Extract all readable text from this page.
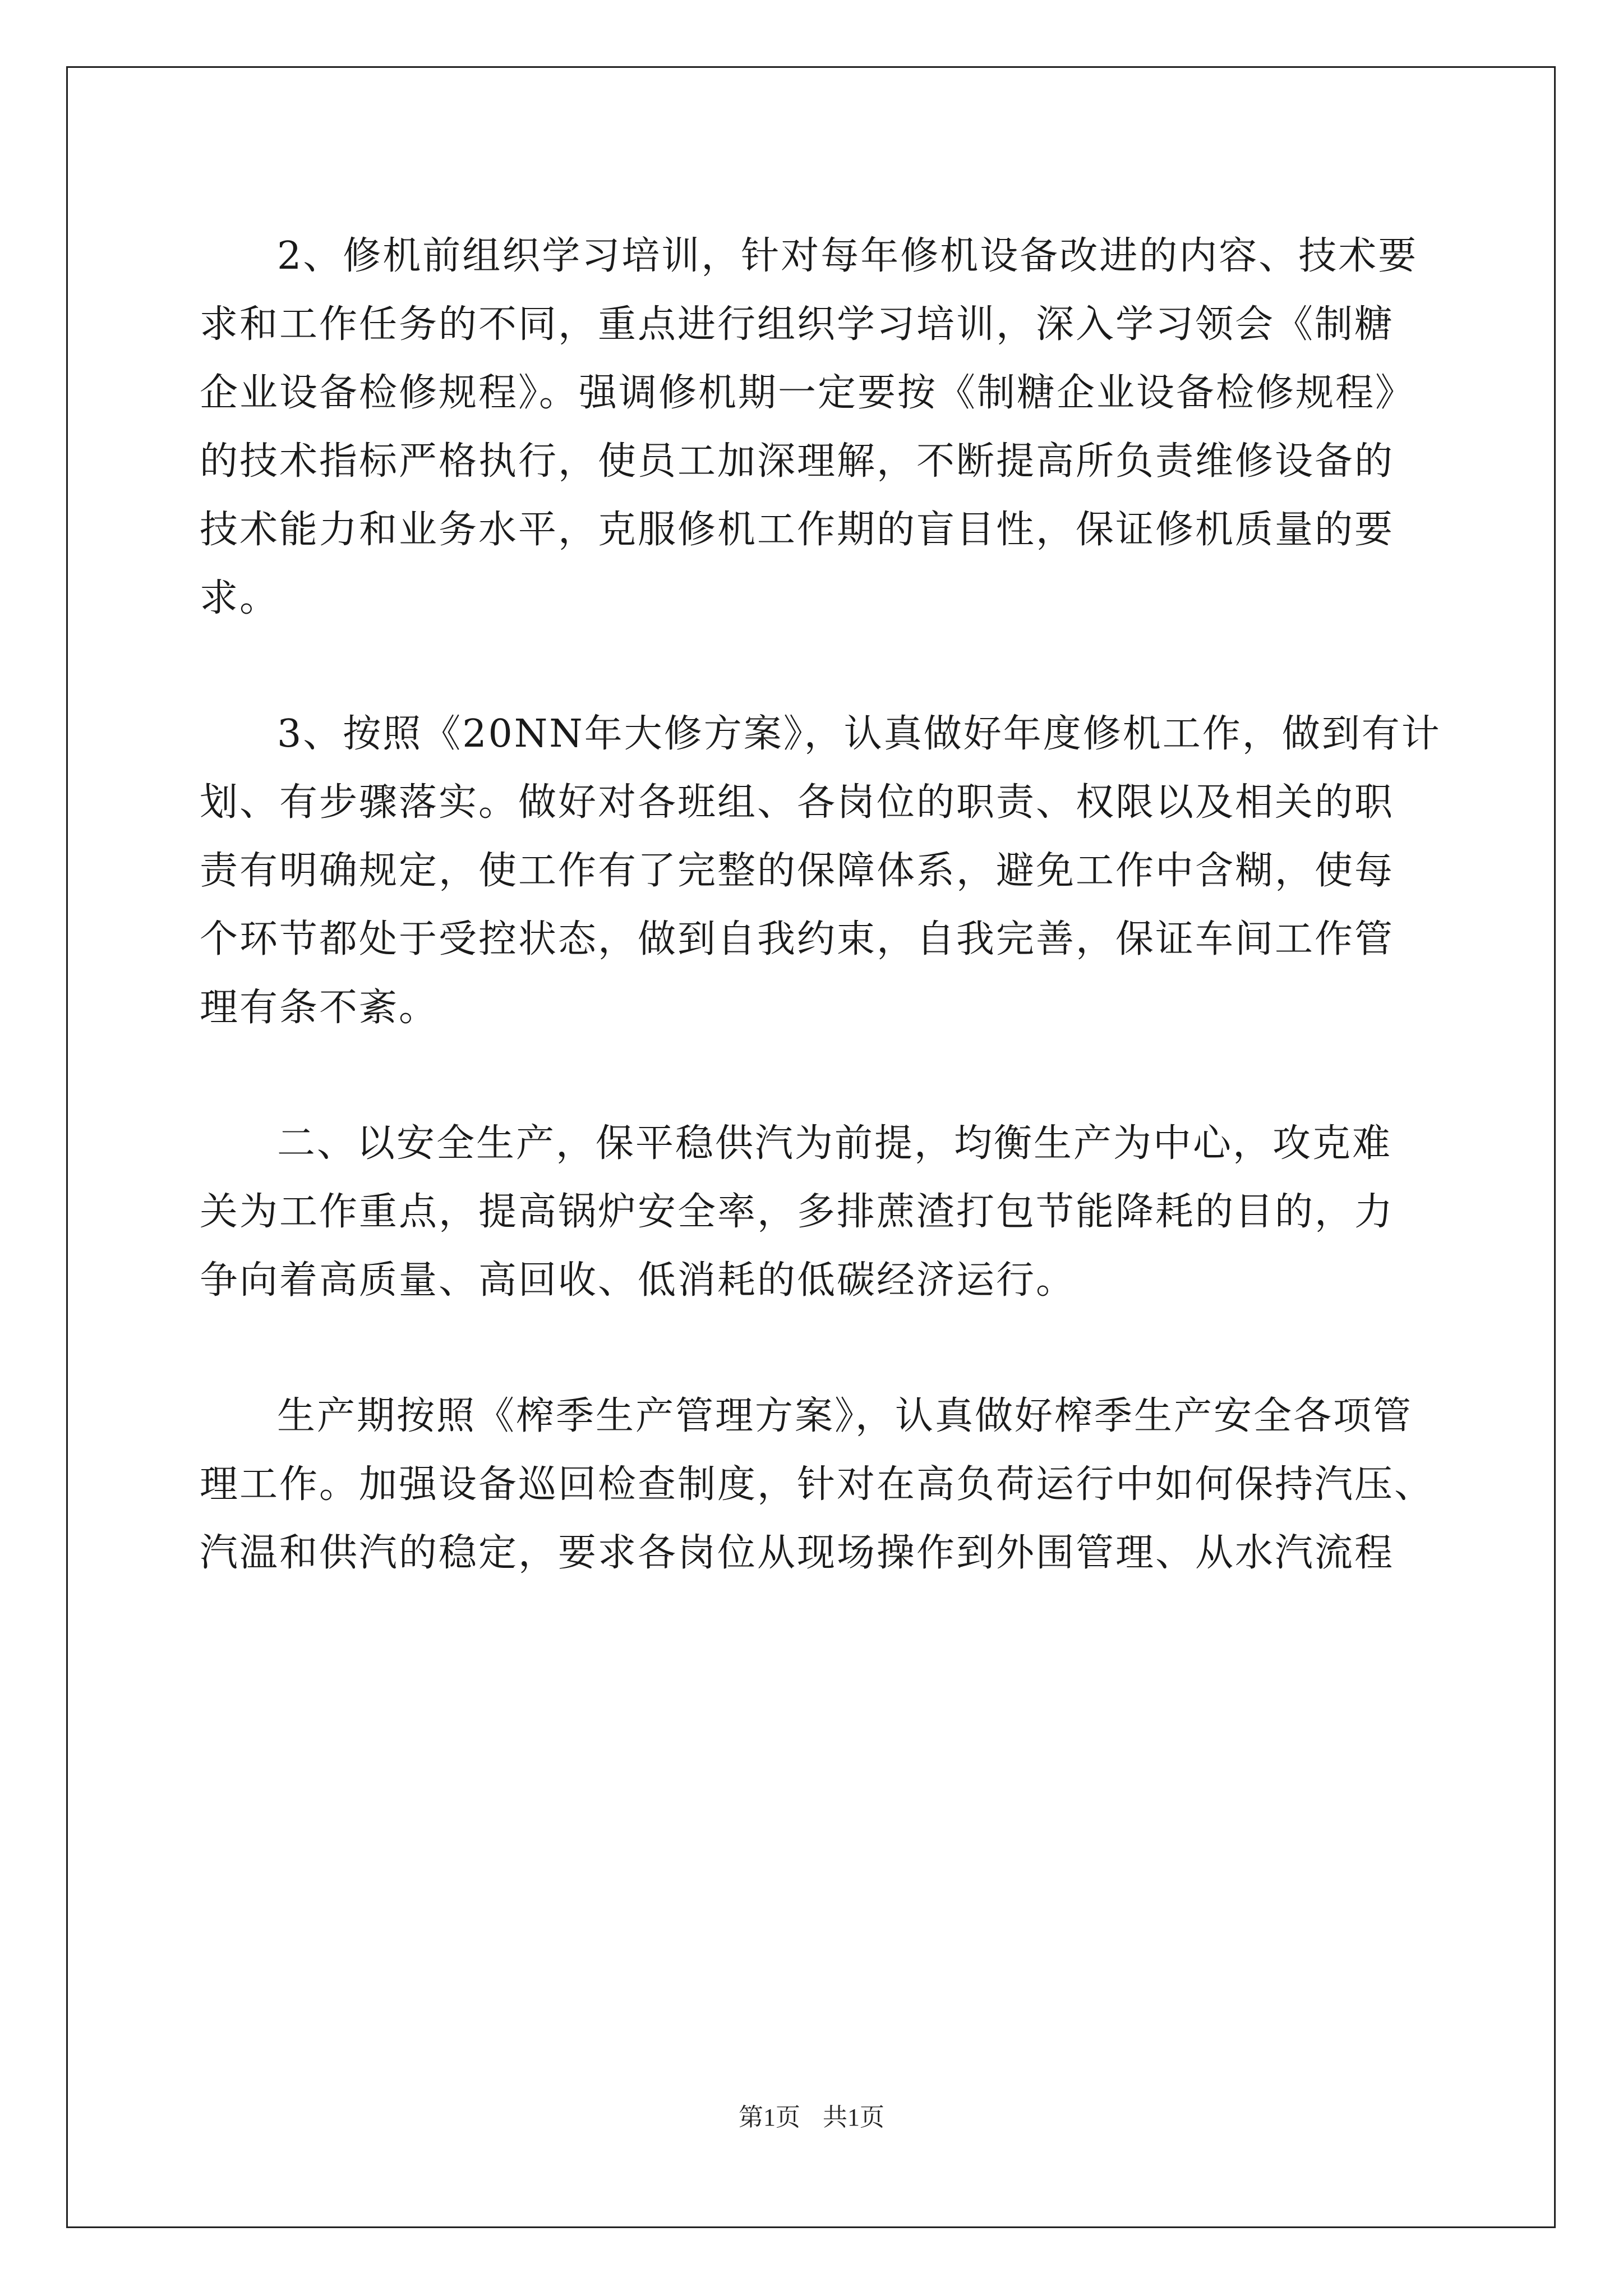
2、修机前组织学习培训，针对每年修机设备改进的内容、技术要

求和工作任务的不同，重点进行组织学习培训，深入学习领会《制糖

企业设备检修规程》。强调修机期一定要按《制糖企业设备检修规程》

的技术指标严格执行，使员工加深理解，不断提高所负责维修设备的

技术能力和业务水平，克服修机工作期的盲目性，保证修机质量的要

求。

3、按照《20NN年大修方案》，认真做好年度修机工作，做到有计

划、有步骤落实。做好对各班组、各岗位的职责、权限以及相关的职

责有明确规定，使工作有了完整的保障体系，避免工作中含糊，使每

个环节都处于受控状态，做到自我约束，自我完善，保证车间工作管

理有条不紊。

二、以安全生产，保平稳供汽为前提，均衡生产为中心，攻克难

关为工作重点，提高锅炉安全率，多排蔗渣打包节能降耗的目的，力

争向着高质量、高回收、低消耗的低碳经济运行。

生产期按照《榨季生产管理方案》，认真做好榨季生产安全各项管

理工作。加强设备巡回检查制度，针对在高负荷运行中如何保持汽压、

汽温和供汽的稳定，要求各岗位从现场操作到外围管理、从水汽流程

第1页 共1页
